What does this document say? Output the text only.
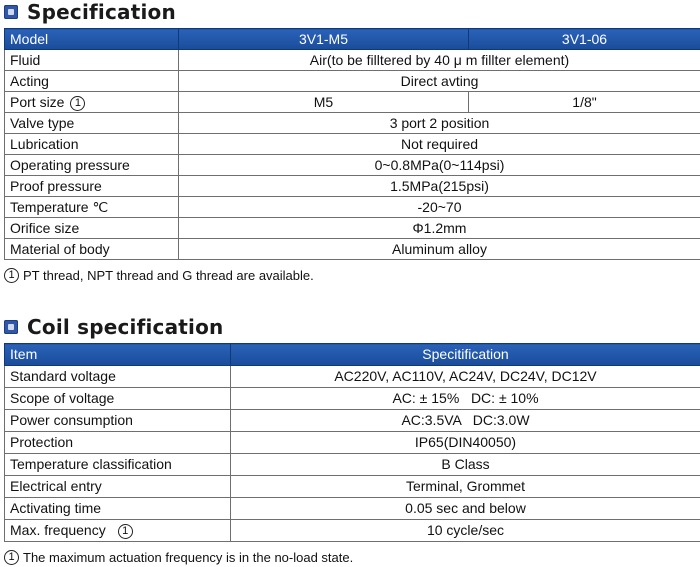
Specification
Model	3V1-M5	3V1-06
Fluid	Air(to be filltered by 40 μ m fillter element)	
Acting	Direct avting	
Port size 1	M5	1/8"
Valve type	3 port 2 position	
Lubrication	Not required	
Operating pressure	0~0.8MPa(0~114psi)	
Proof pressure	1.5MPa(215psi)	
Temperature ℃	-20~70	
Orifice size	Φ1.2mm	
Material of body	Aluminum alloy	
1 PT thread, NPT thread and G thread are available.
Coil specification
Item	Specitification
Standard voltage	AC220V, AC110V, AC24V, DC24V, DC12V
Scope of voltage	AC: ± 15%   DC: ± 10%
Power consumption	AC:3.5VA   DC:3.0W
Protection	IP65(DIN40050)
Temperature classification	B Class
Electrical entry	Terminal, Grommet
Activating time	0.05 sec and below
Max. frequency 1	10 cycle/sec
1 The maximum actuation frequency is in the no-load state.
